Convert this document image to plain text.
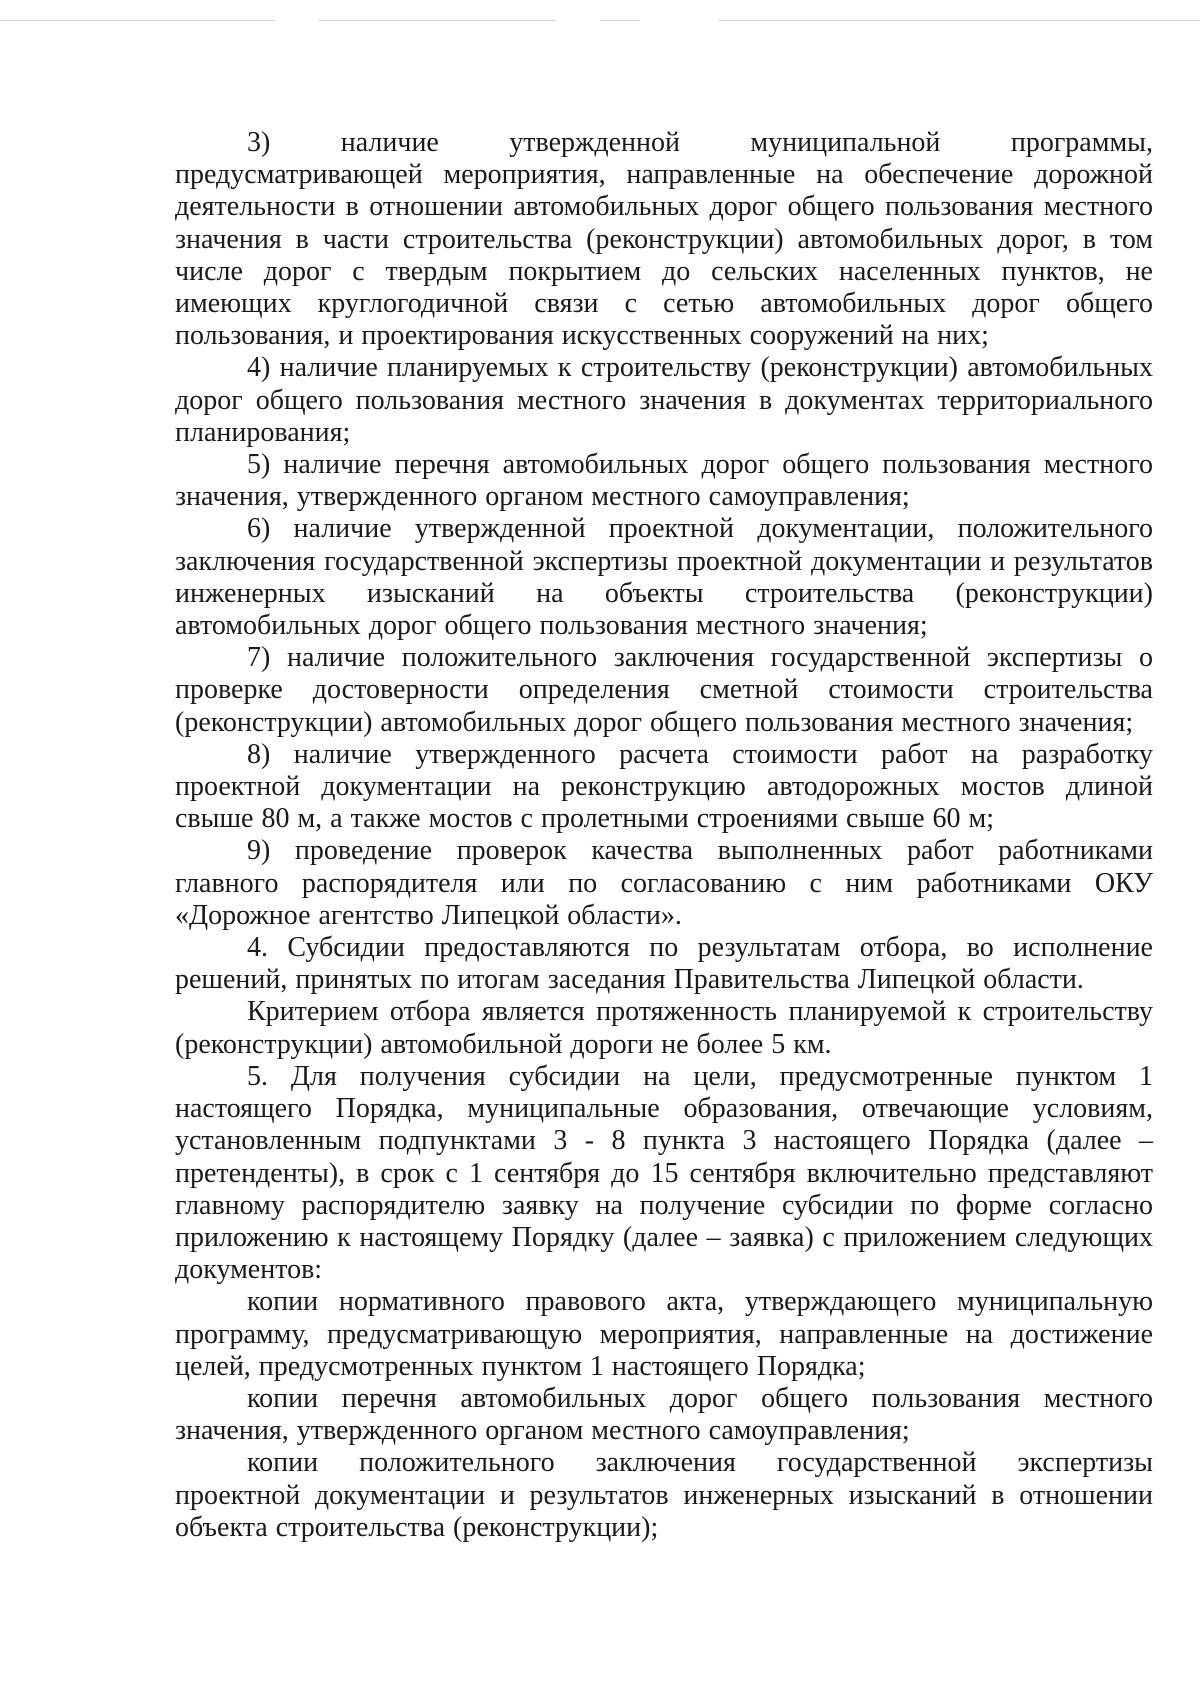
3) наличие утвержденной муниципальной программы, предусматривающей мероприятия, направленные на обеспечение дорожной деятельности в отношении автомобильных дорог общего пользования местного значения в части строительства (реконструкции) автомобильных дорог, в том числе дорог с твердым покрытием до сельских населенных пунктов, не имеющих круглогодичной связи с сетью автомобильных дорог общего пользования, и проектирования искусственных сооружений на них;

4) наличие планируемых к строительству (реконструкции) автомобильных дорог общего пользования местного значения в документах территориального планирования;

5) наличие перечня автомобильных дорог общего пользования местного значения, утвержденного органом местного самоуправления;

6) наличие утвержденной проектной документации, положительного заключения государственной экспертизы проектной документации и результатов инженерных изысканий на объекты строительства (реконструкции) автомобильных дорог общего пользования местного значения;

7) наличие положительного заключения государственной экспертизы о проверке достоверности определения сметной стоимости строительства (реконструкции) автомобильных дорог общего пользования местного значения;

8) наличие утвержденного расчета стоимости работ на разработку проектной документации на реконструкцию автодорожных мостов длиной свыше 80 м, а также мостов с пролетными строениями свыше 60 м;

9) проведение проверок качества выполненных работ работниками главного распорядителя или по согласованию с ним работниками ОКУ «Дорожное агентство Липецкой области».

4. Субсидии предоставляются по результатам отбора, во исполнение решений, принятых по итогам заседания Правительства Липецкой области.

Критерием отбора является протяженность планируемой к строительству (реконструкции) автомобильной дороги не более 5 км.

5. Для получения субсидии на цели, предусмотренные пунктом 1 настоящего Порядка, муниципальные образования, отвечающие условиям, установленным подпунктами 3 - 8 пункта 3 настоящего Порядка (далее – претенденты), в срок с 1 сентября до 15 сентября включительно представляют главному распорядителю заявку на получение субсидии по форме согласно приложению к настоящему Порядку (далее – заявка) с приложением следующих документов:

копии нормативного правового акта, утверждающего муниципальную программу, предусматривающую мероприятия, направленные на достижение целей, предусмотренных пунктом 1 настоящего Порядка;

копии перечня автомобильных дорог общего пользования местного значения, утвержденного органом местного самоуправления;

копии положительного заключения государственной экспертизы проектной документации и результатов инженерных изысканий в отношении объекта строительства (реконструкции);
